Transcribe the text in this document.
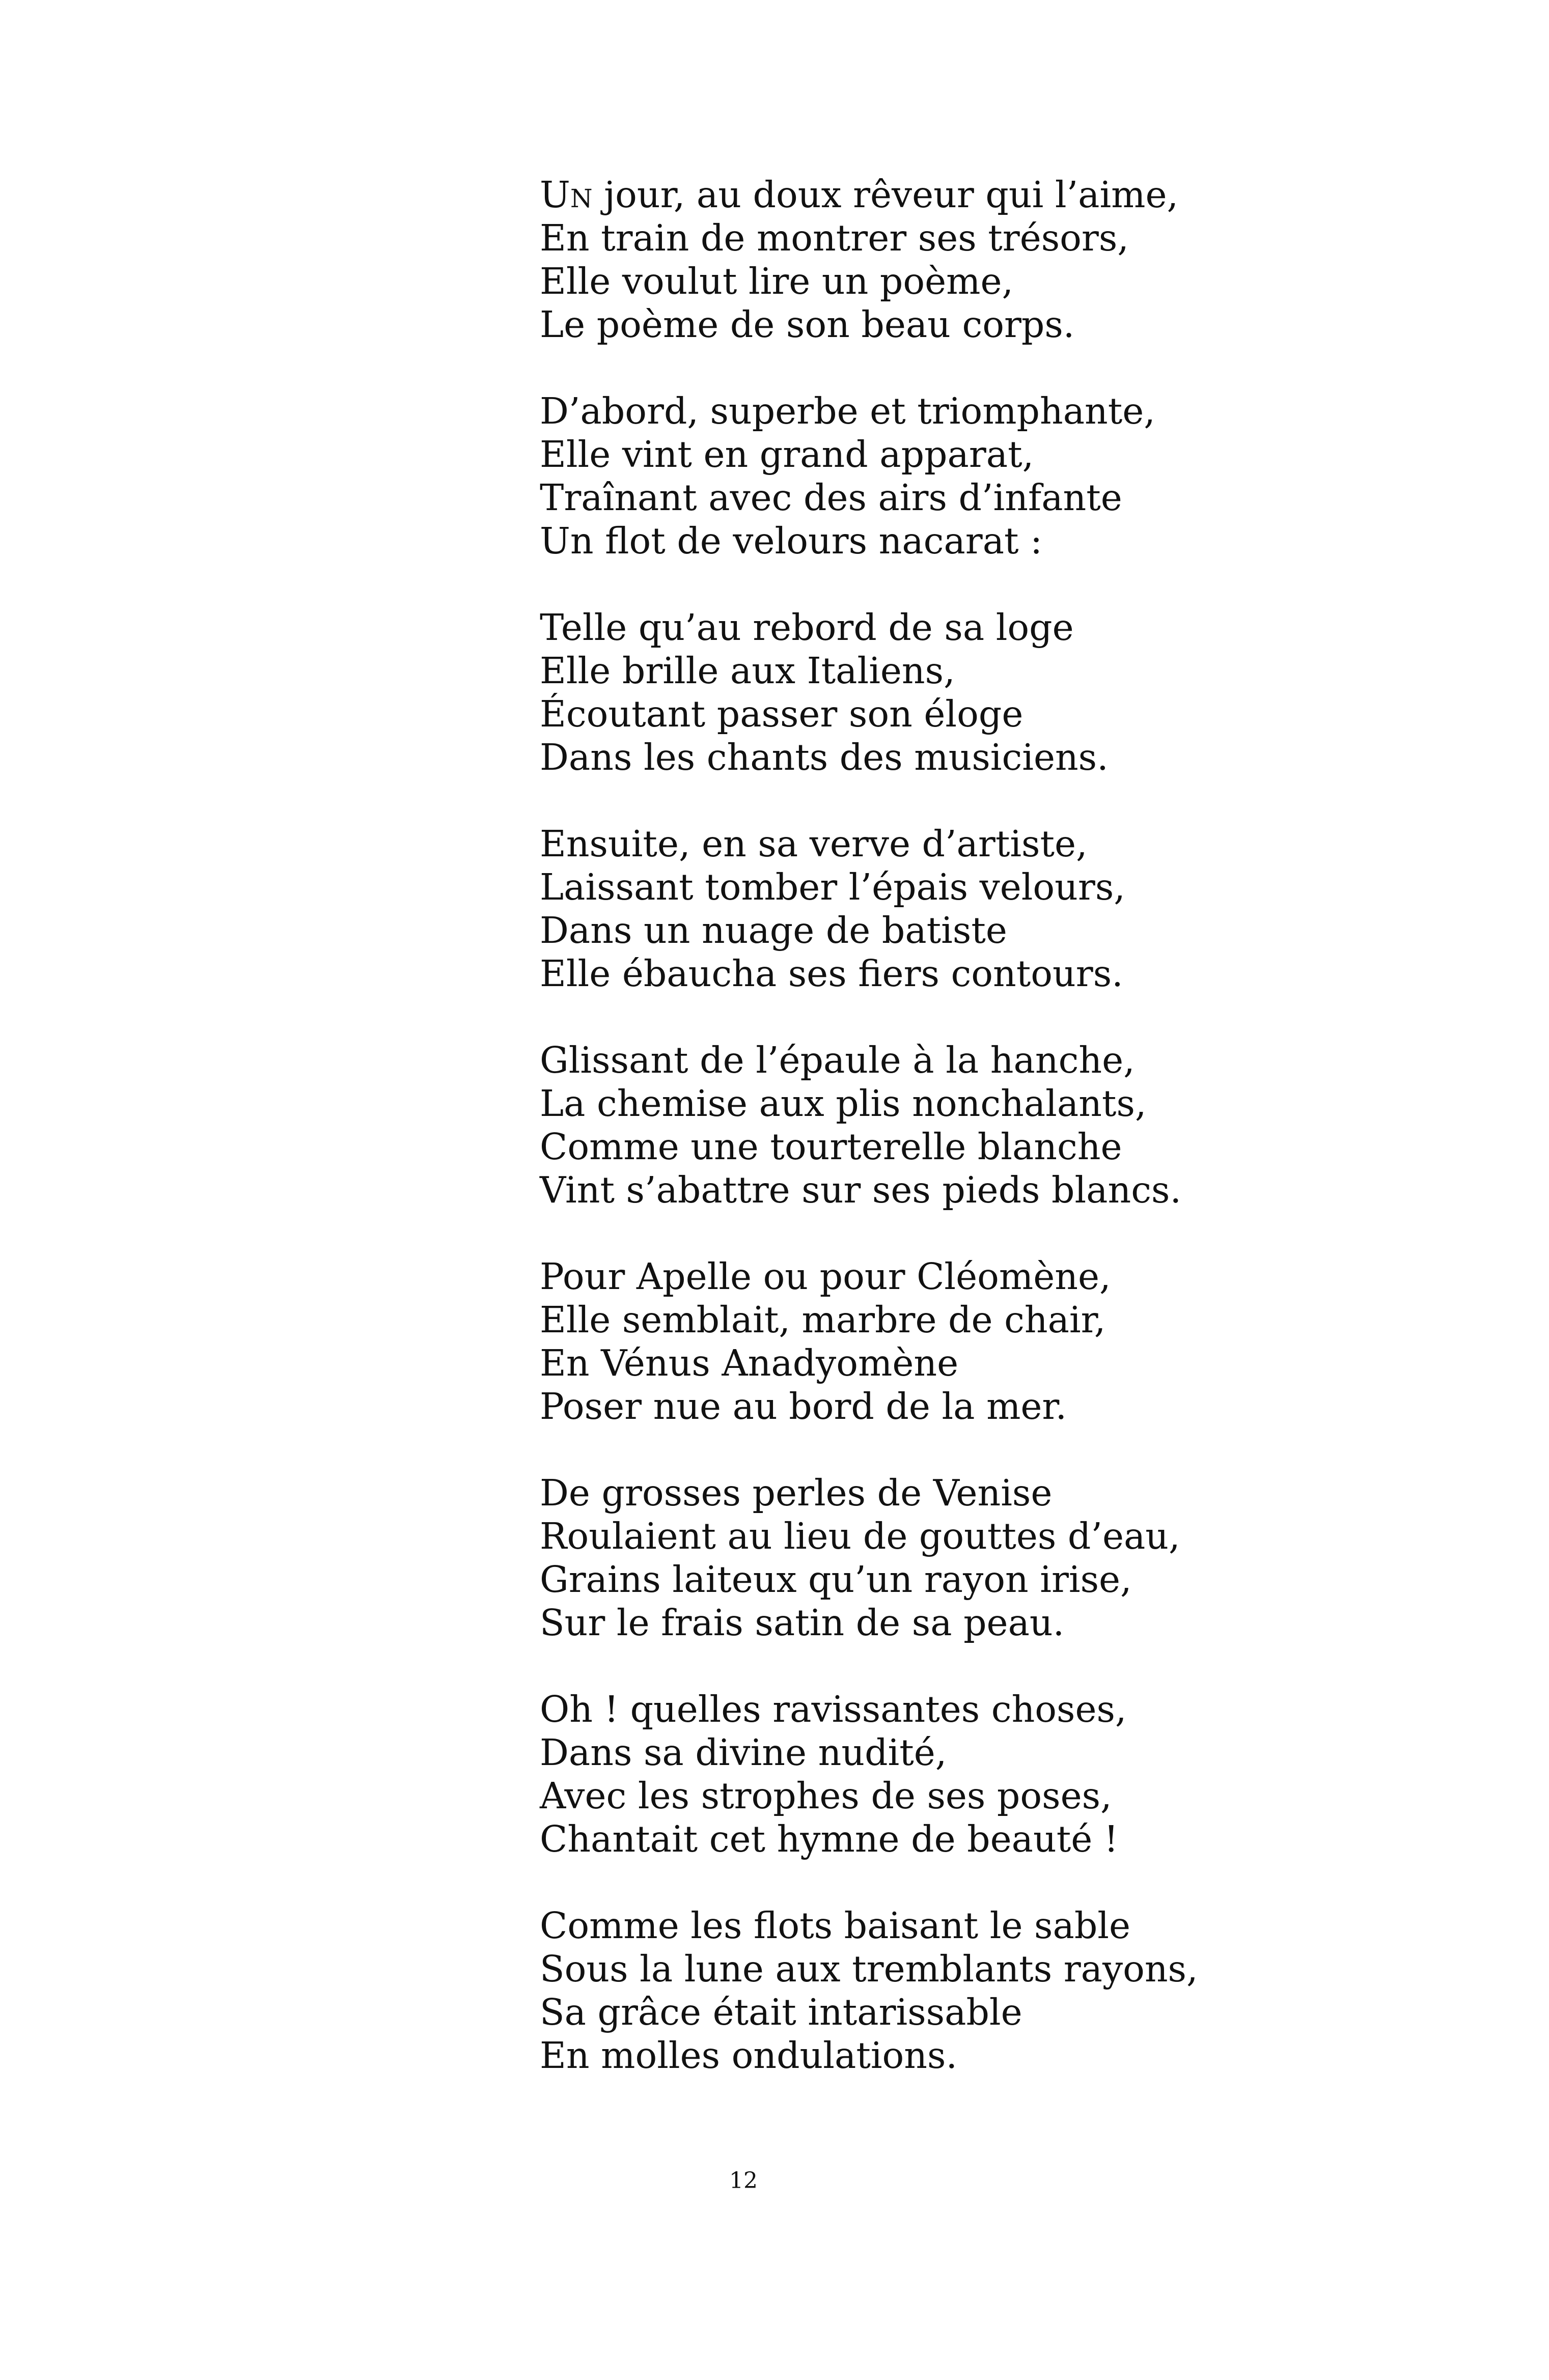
Un jour, au doux rêveur qui l’aime,
En train de montrer ses trésors,
Elle voulut lire un poème,
Le poème de son beau corps.
D’abord, superbe et triomphante,
Elle vint en grand apparat,
Traînant avec des airs d’infante
Un flot de velours nacarat :
Telle qu’au rebord de sa loge
Elle brille aux Italiens,
Écoutant passer son éloge
Dans les chants des musiciens.
Ensuite, en sa verve d’artiste,
Laissant tomber l’épais velours,
Dans un nuage de batiste
Elle ébaucha ses fiers contours.
Glissant de l’épaule à la hanche,
La chemise aux plis nonchalants,
Comme une tourterelle blanche
Vint s’abattre sur ses pieds blancs.
Pour Apelle ou pour Cléomène,
Elle semblait, marbre de chair,
En Vénus Anadyomène
Poser nue au bord de la mer.
De grosses perles de Venise
Roulaient au lieu de gouttes d’eau,
Grains laiteux qu’un rayon irise,
Sur le frais satin de sa peau.
Oh ! quelles ravissantes choses,
Dans sa divine nudité,
Avec les strophes de ses poses,
Chantait cet hymne de beauté !
Comme les flots baisant le sable
Sous la lune aux tremblants rayons,
Sa grâce était intarissable
En molles ondulations.
12
